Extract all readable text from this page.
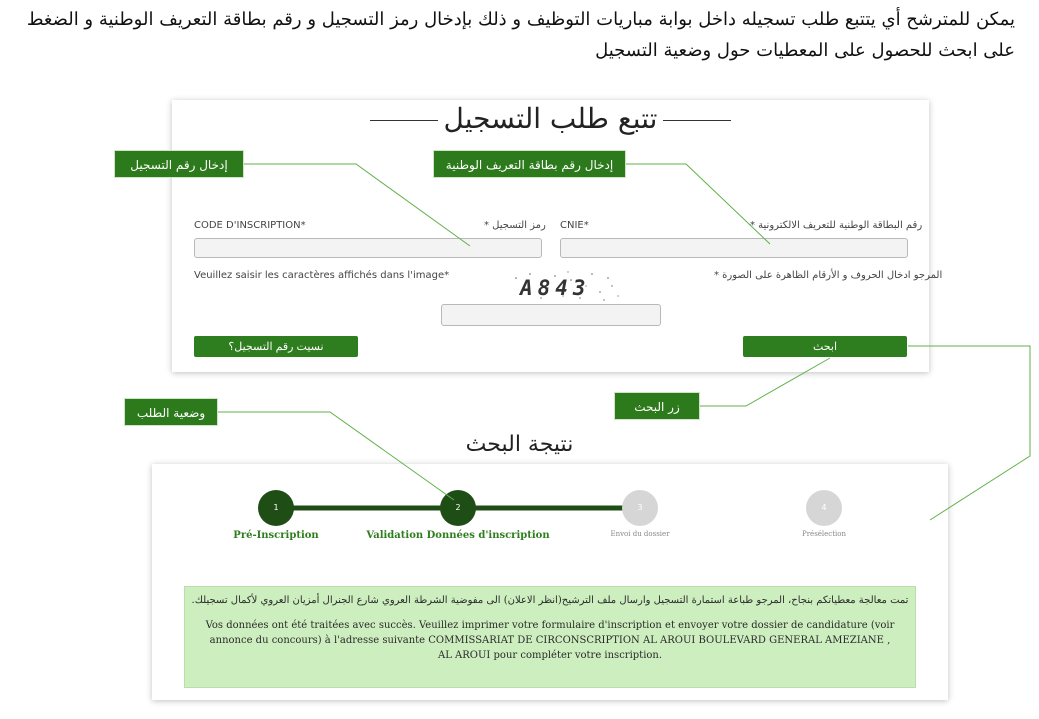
يمكن للمترشح أي يتتبع طلب تسجيله داخل بوابة مباريات التوظيف و ذلك بإدخال رمز التسجيل و رقم بطاقة التعريف الوطنية و الضغط على ابحث للحصول على المعطيات حول وضعية التسجيل
تتبع طلب التسجيل
CODE D'INSCRIPTION*	رمز التسجيل * CNIE*	رقم البطاقة الوطنية للتعريف الالكترونية *
Veuillez saisir les caractères affichés dans l'image*	المرجو ادخال الحروف و الأرقام الظاهرة على الصورة *
A843
نسيت رقم التسجيل؟	ابحث
نتيجة البحث
1	2	3	4
Pré-Inscription	Validation Données d'inscription	Envoi du dossier	Présélection
تمت معالجة معطياتكم بنجاح، المرجو طباعة استمارة التسجيل وارسال ملف الترشيح(انظر الاعلان) الى مفوضية الشرطة العروي شارع الجنرال أمزيان العروي لأكمال تسجيلك.
Vos données ont été traitées avec succès. Veuillez imprimer votre formulaire d'inscription et envoyer votre dossier de candidature (voir annonce du concours) à l'adresse suivante COMMISSARIAT DE CIRCONSCRIPTION AL AROUI BOULEVARD GENERAL AMEZIANE , AL AROUI pour compléter votre inscription.
إدخال رقم التسجيل	إدخال رقم بطاقة التعريف الوطنية
زر البحث
وضعية الطلب
